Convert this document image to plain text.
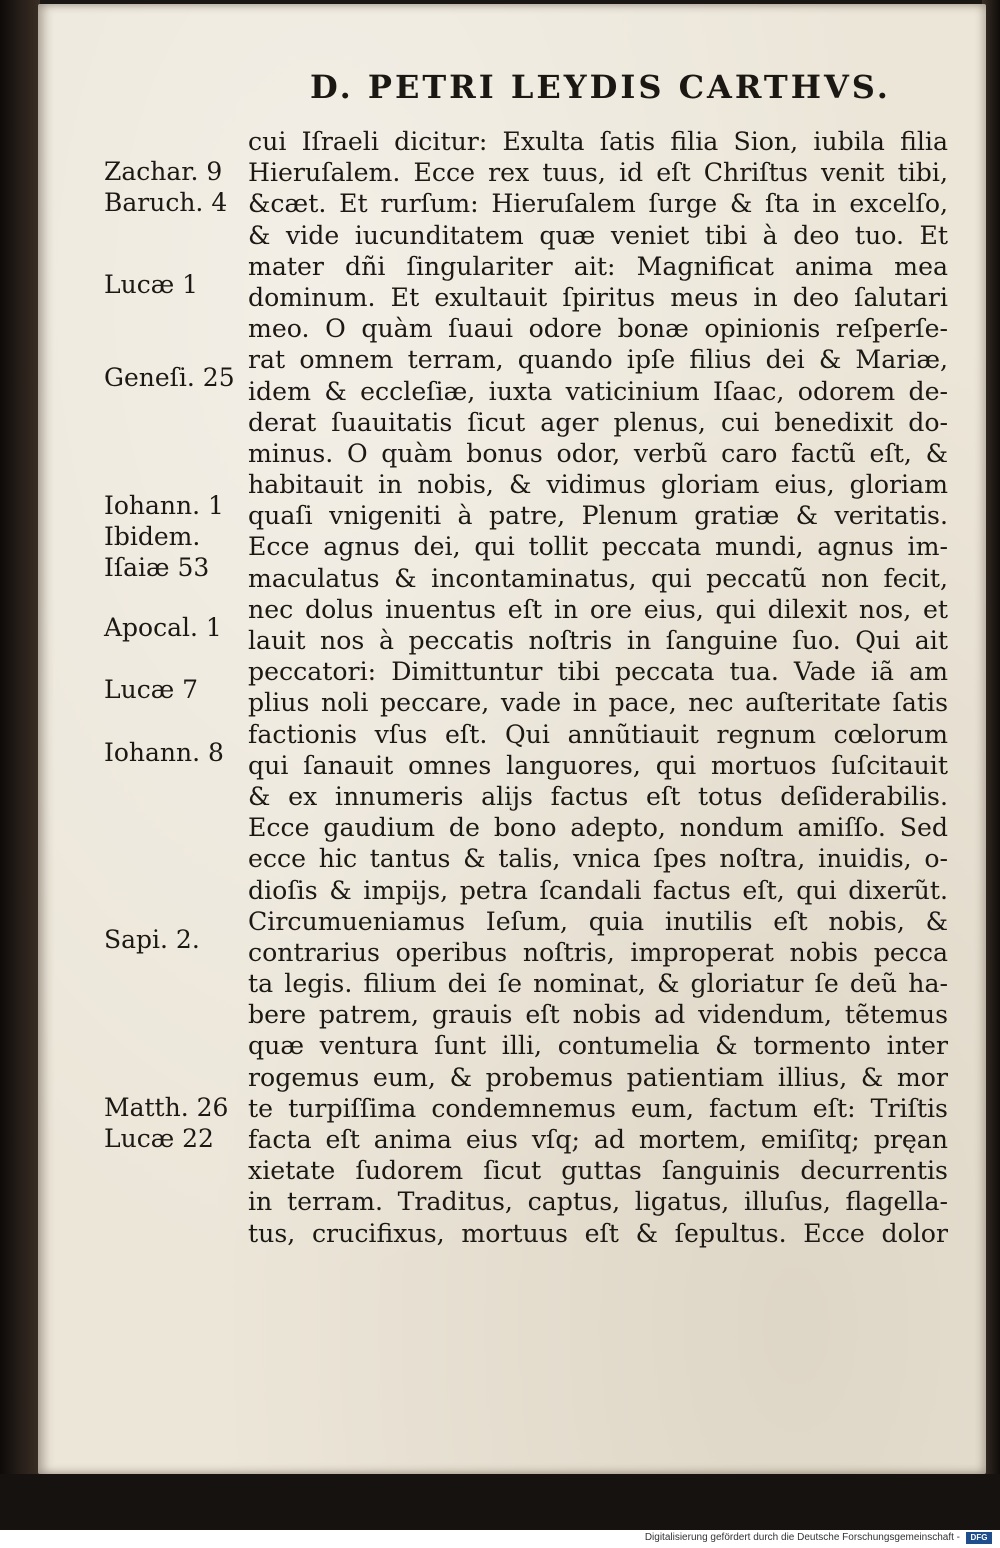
D. PETRI LEYDIS CARTHVS.
cui Iſraeli dicitur: Exulta ſatis filia Sion, iubila filia
Hieruſalem. Ecce rex tuus, id eſt Chriſtus venit tibi,
&cæt. Et rurſum: Hieruſalem ſurge & ſta in excelſo,
& vide iucunditatem quæ veniet tibi à deo tuo. Et
mater dñi ſingulariter ait: Magnificat anima mea
dominum. Et exultauit ſpiritus meus in deo ſalutari
meo. O quàm ſuaui odore bonæ opinionis reſperſe-
rat omnem terram, quando ipſe filius dei & Mariæ,
idem & eccleſiæ, iuxta vaticinium Iſaac, odorem de-
derat ſuauitatis ſicut ager plenus, cui benedixit do-
minus. O quàm bonus odor, verbũ caro factũ eſt, &
habitauit in nobis, & vidimus gloriam eius, gloriam
quaſi vnigeniti à patre, Plenum gratiæ & veritatis.
Ecce agnus dei, qui tollit peccata mundi, agnus im-
maculatus & incontaminatus, qui peccatũ non fecit,
nec dolus inuentus eſt in ore eius, qui dilexit nos, et
lauit nos à peccatis noſtris in ſanguine ſuo. Qui ait
peccatori: Dimittuntur tibi peccata tua. Vade iã am
plius noli peccare, vade in pace, nec auſteritate ſatis
factionis vſus eſt. Qui annũtiauit regnum cœlorum
qui ſanauit omnes languores, qui mortuos ſuſcitauit
& ex innumeris alijs factus eſt totus deſiderabilis.
Ecce gaudium de bono adepto, nondum amiſſo. Sed
ecce hic tantus & talis, vnica ſpes noſtra, inuidis, o-
dioſis & impijs, petra ſcandali factus eſt, qui dixerũt.
Circumueniamus Ieſum, quia inutilis eſt nobis, &
contrarius operibus noſtris, improperat nobis pecca
ta legis. filium dei ſe nominat, & gloriatur ſe deũ ha-
bere patrem, grauis eſt nobis ad videndum, tẽtemus
quæ ventura ſunt illi, contumelia & tormento inter
rogemus eum, & probemus patientiam illius, & mor
te turpiſſima condemnemus eum, factum eſt: Triſtis
facta eſt anima eius vſq; ad mortem, emiſitq; pręan
xietate ſudorem ſicut guttas ſanguinis decurrentis
in terram. Traditus, captus, ligatus, illuſus, flagella-
tus, crucifixus, mortuus eſt & ſepultus. Ecce dolor
Zachar. 9
Baruch. 4
Lucæ 1
Geneſi. 25
Iohann. 1
Ibidem.
Iſaiæ 53
Apocal. 1
Lucæ 7
Iohann. 8
Sapi. 2.
Matth. 26
Lucæ 22
Digitalisierung gefördert durch die Deutsche Forschungsgemeinschaft -	DFG
